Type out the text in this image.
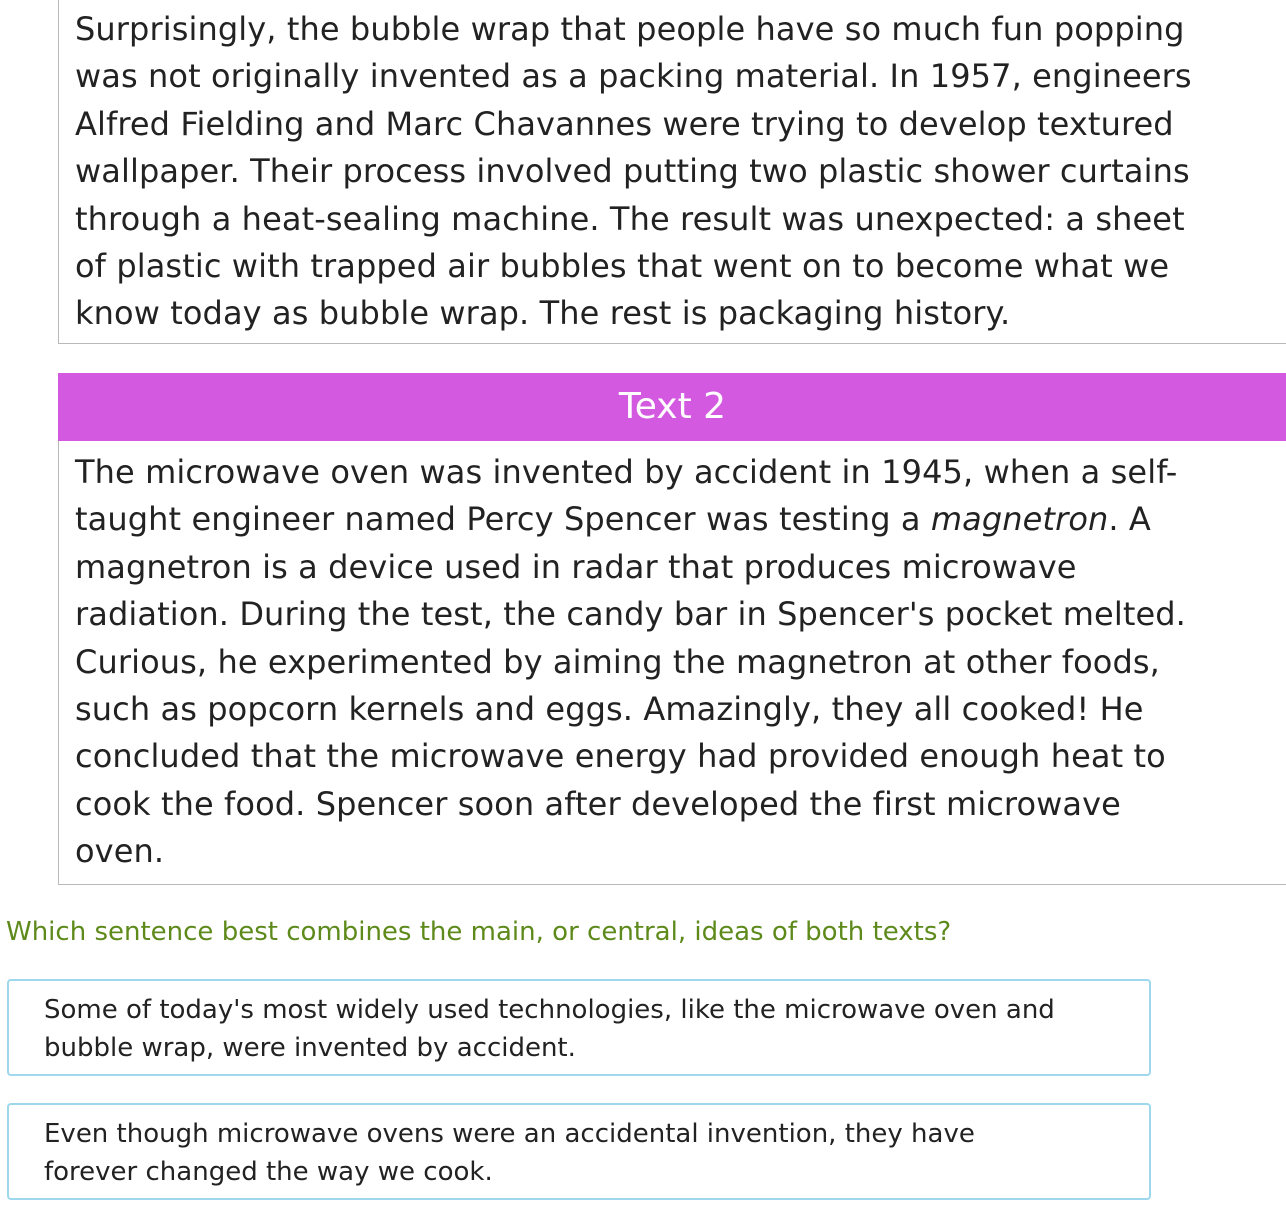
Surprisingly, the bubble wrap that people have so much fun popping
was not originally invented as a packing material. In 1957, engineers
Alfred Fielding and Marc Chavannes were trying to develop textured
wallpaper. Their process involved putting two plastic shower curtains
through a heat-sealing machine. The result was unexpected: a sheet
of plastic with trapped air bubbles that went on to become what we
know today as bubble wrap. The rest is packaging history.

Text 2

The microwave oven was invented by accident in 1945, when a self-
taught engineer named Percy Spencer was testing a magnetron. A
magnetron is a device used in radar that produces microwave
radiation. During the test, the candy bar in Spencer's pocket melted.
Curious, he experimented by aiming the magnetron at other foods,
such as popcorn kernels and eggs. Amazingly, they all cooked! He
concluded that the microwave energy had provided enough heat to
cook the food. Spencer soon after developed the first microwave
oven.

Which sentence best combines the main, or central, ideas of both texts?

Some of today's most widely used technologies, like the microwave oven and
bubble wrap, were invented by accident.
Even though microwave ovens were an accidental invention, they have
forever changed the way we cook.
